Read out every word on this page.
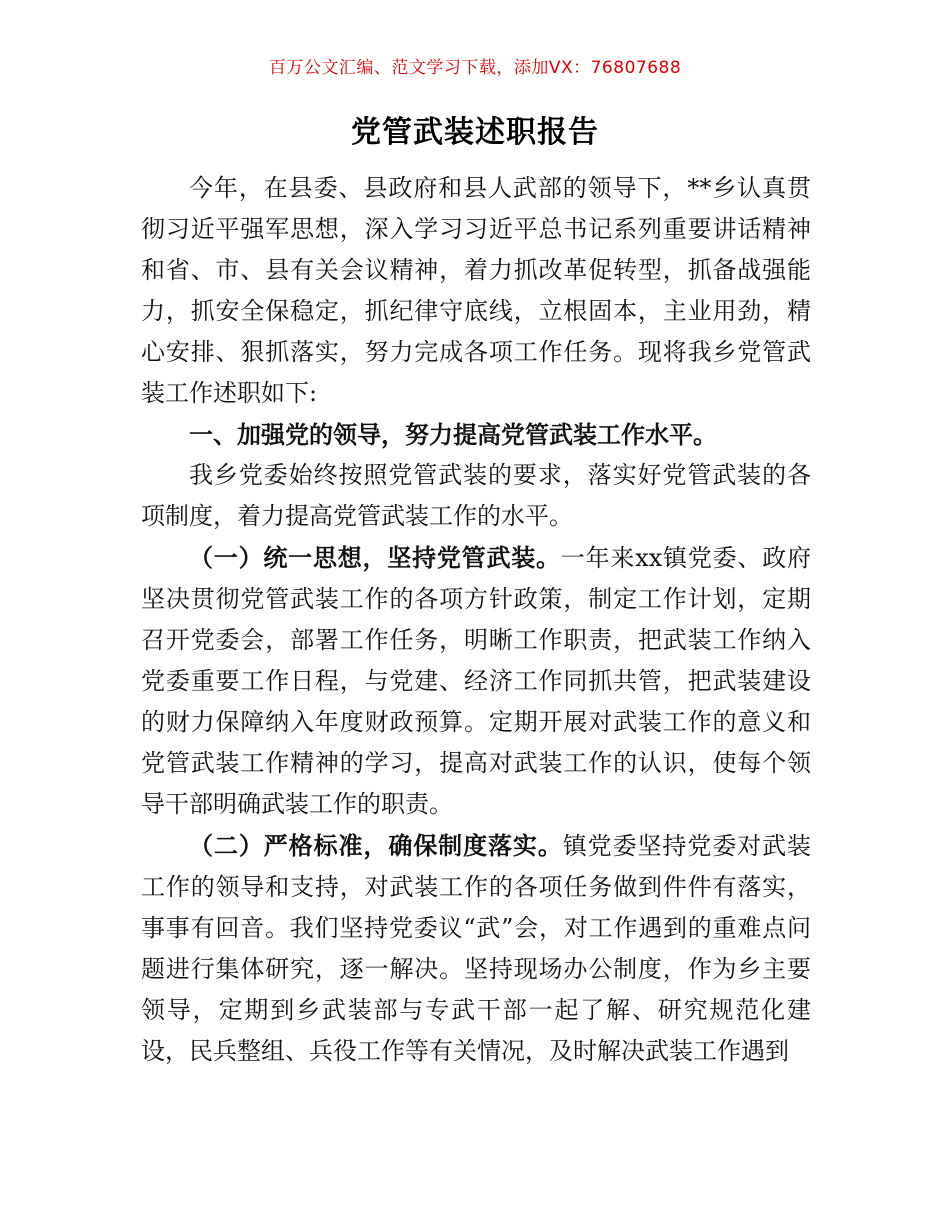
百万公文汇编、范文学习下载，添加VX：76807688
党管武装述职报告

今年，在县委、县政府和县人武部的领导下，**乡认真贯彻习近平强军思想，深入学习习近平总书记系列重要讲话精神和省、市、县有关会议精神，着力抓改革促转型，抓备战强能力，抓安全保稳定，抓纪律守底线，立根固本，主业用劲，精心安排、狠抓落实，努力完成各项工作任务。现将我乡党管武装工作述职如下:

一、加强党的领导，努力提高党管武装工作水平。

我乡党委始终按照党管武装的要求，落实好党管武装的各项制度，着力提高党管武装工作的水平。

（一）统一思想，坚持党管武装。一年来xx镇党委、政府坚决贯彻党管武装工作的各项方针政策，制定工作计划，定期召开党委会，部署工作任务，明晰工作职责，把武装工作纳入党委重要工作日程，与党建、经济工作同抓共管，把武装建设的财力保障纳入年度财政预算。定期开展对武装工作的意义和党管武装工作精神的学习，提高对武装工作的认识，使每个领导干部明确武装工作的职责。

（二）严格标准，确保制度落实。镇党委坚持党委对武装工作的领导和支持，对武装工作的各项任务做到件件有落实，事事有回音。我们坚持党委议“武”会，对工作遇到的重难点问题进行集体研究，逐一解决。坚持现场办公制度，作为乡主要领导，定期到乡武装部与专武干部一起了解、研究规范化建设，民兵整组、兵役工作等有关情况，及时解决武装工作遇到
